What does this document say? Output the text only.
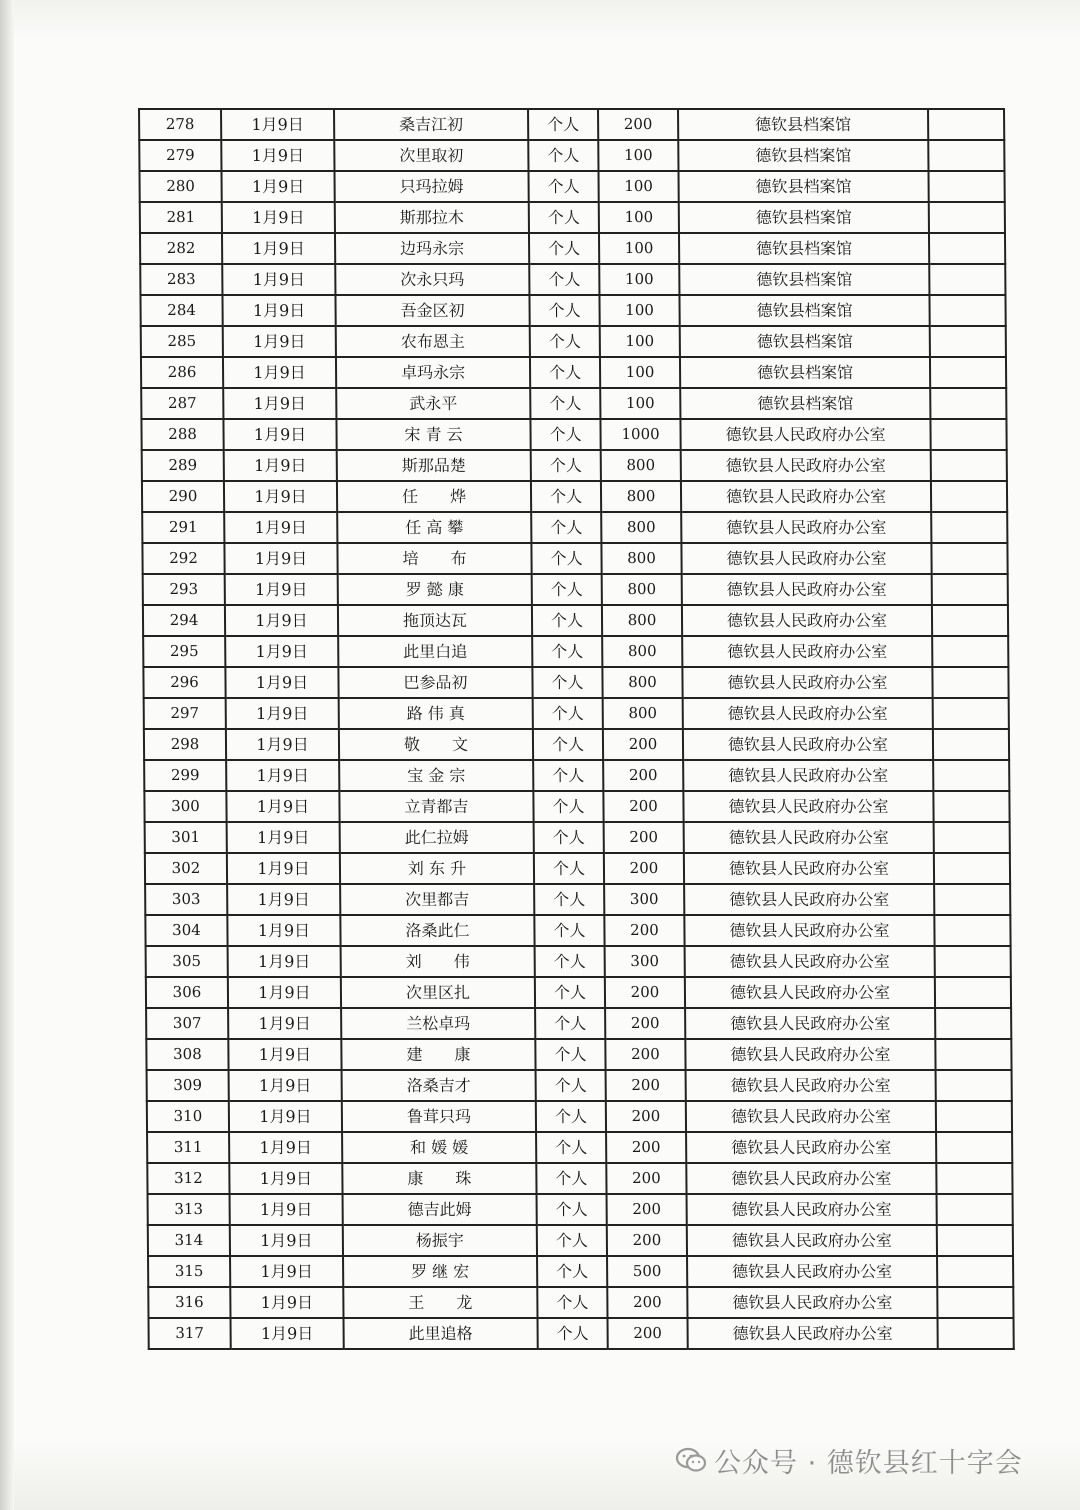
278	1月9日	桑吉江初	个人	200	德钦县档案馆	
279	1月9日	次里取初	个人	100	德钦县档案馆	
280	1月9日	只玛拉姆	个人	100	德钦县档案馆	
281	1月9日	斯那拉木	个人	100	德钦县档案馆	
282	1月9日	边玛永宗	个人	100	德钦县档案馆	
283	1月9日	次永只玛	个人	100	德钦县档案馆	
284	1月9日	吾金区初	个人	100	德钦县档案馆	
285	1月9日	农布恩主	个人	100	德钦县档案馆	
286	1月9日	卓玛永宗	个人	100	德钦县档案馆	
287	1月9日	武永平	个人	100	德钦县档案馆	
288	1月9日	宋 青 云	个人	1000	德钦县人民政府办公室	
289	1月9日	斯那品楚	个人	800	德钦县人民政府办公室	
290	1月9日	任　　烨	个人	800	德钦县人民政府办公室	
291	1月9日	任 高 攀	个人	800	德钦县人民政府办公室	
292	1月9日	培　　布	个人	800	德钦县人民政府办公室	
293	1月9日	罗 懿 康	个人	800	德钦县人民政府办公室	
294	1月9日	拖顶达瓦	个人	800	德钦县人民政府办公室	
295	1月9日	此里白追	个人	800	德钦县人民政府办公室	
296	1月9日	巴参品初	个人	800	德钦县人民政府办公室	
297	1月9日	路 伟 真	个人	800	德钦县人民政府办公室	
298	1月9日	敬　　文	个人	200	德钦县人民政府办公室	
299	1月9日	宝 金 宗	个人	200	德钦县人民政府办公室	
300	1月9日	立青都吉	个人	200	德钦县人民政府办公室	
301	1月9日	此仁拉姆	个人	200	德钦县人民政府办公室	
302	1月9日	刘 东 升	个人	200	德钦县人民政府办公室	
303	1月9日	次里都吉	个人	300	德钦县人民政府办公室	
304	1月9日	洛桑此仁	个人	200	德钦县人民政府办公室	
305	1月9日	刘　　伟	个人	300	德钦县人民政府办公室	
306	1月9日	次里区扎	个人	200	德钦县人民政府办公室	
307	1月9日	兰松卓玛	个人	200	德钦县人民政府办公室	
308	1月9日	建　　康	个人	200	德钦县人民政府办公室	
309	1月9日	洛桑吉才	个人	200	德钦县人民政府办公室	
310	1月9日	鲁茸只玛	个人	200	德钦县人民政府办公室	
311	1月9日	和 媛 媛	个人	200	德钦县人民政府办公室	
312	1月9日	康　　珠	个人	200	德钦县人民政府办公室	
313	1月9日	德吉此姆	个人	200	德钦县人民政府办公室	
314	1月9日	杨振宇	个人	200	德钦县人民政府办公室	
315	1月9日	罗 继 宏	个人	500	德钦县人民政府办公室	
316	1月9日	王　　龙	个人	200	德钦县人民政府办公室	
317	1月9日	此里追格	个人	200	德钦县人民政府办公室	
公众号 · 德钦县红十字会
